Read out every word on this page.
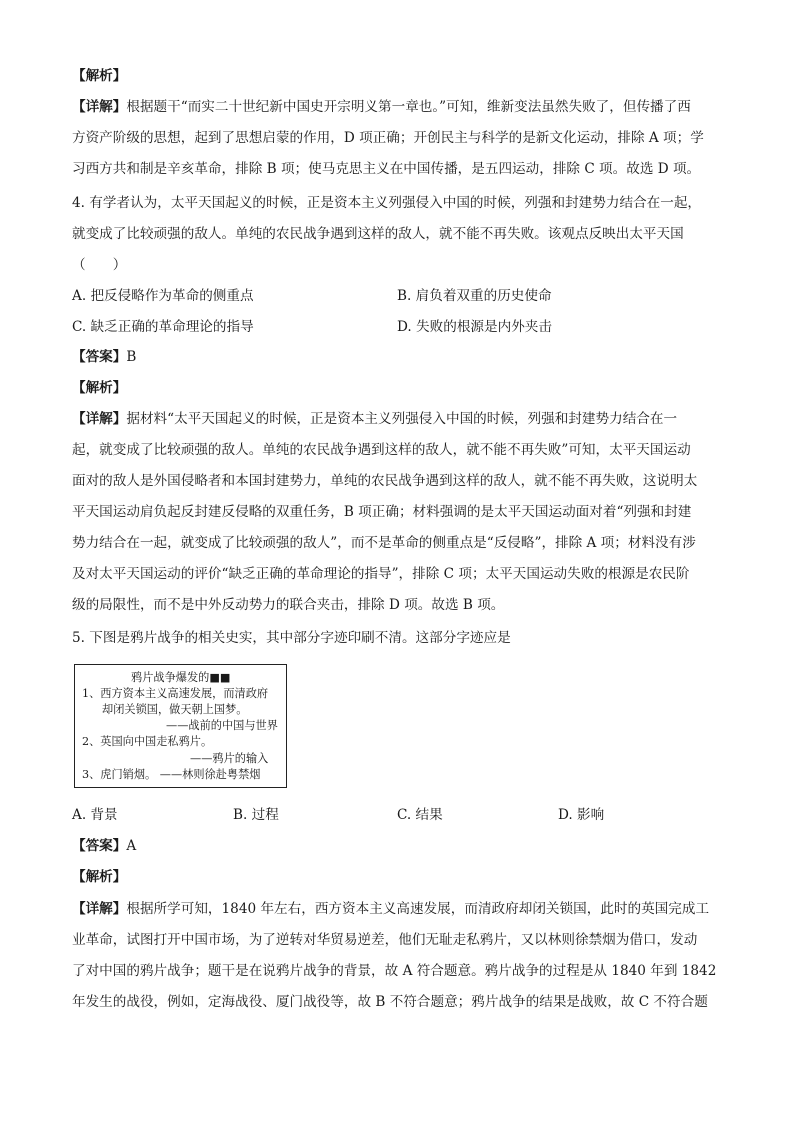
【解析】
【详解】根据题干“而实二十世纪新中国史开宗明义第一章也。”可知，维新变法虽然失败了，但传播了西
方资产阶级的思想，起到了思想启蒙的作用，D 项正确；开创民主与科学的是新文化运动，排除 A 项；学
习西方共和制是辛亥革命，排除 B 项；使马克思主义在中国传播，是五四运动，排除 C 项。故选 D 项。
4. 有学者认为，太平天国起义的时候，正是资本主义列强侵入中国的时候，列强和封建势力结合在一起，
就变成了比较顽强的敌人。单纯的农民战争遇到这样的敌人，就不能不再失败。该观点反映出太平天国
（　　）
A. 把反侵略作为革命的侧重点	B. 肩负着双重的历史使命
C. 缺乏正确的革命理论的指导	D. 失败的根源是内外夹击
【答案】B
【解析】
【详解】据材料“太平天国起义的时候，正是资本主义列强侵入中国的时候，列强和封建势力结合在一
起，就变成了比较顽强的敌人。单纯的农民战争遇到这样的敌人，就不能不再失败”可知，太平天国运动
面对的敌人是外国侵略者和本国封建势力，单纯的农民战争遇到这样的敌人，就不能不再失败，这说明太
平天国运动肩负起反封建反侵略的双重任务，B 项正确；材料强调的是太平天国运动面对着“列强和封建
势力结合在一起，就变成了比较顽强的敌人”，而不是革命的侧重点是“反侵略”，排除 A 项；材料没有涉
及对太平天国运动的评价“缺乏正确的革命理论的指导”，排除 C 项；太平天国运动失败的根源是农民阶
级的局限性，而不是中外反动势力的联合夹击，排除 D 项。故选 B 项。
5. 下图是鸦片战争的相关史实，其中部分字迹印刷不清。这部分字迹应是
鸦片战争爆发的■■
1、西方资本主义高速发展，而清政府
却闭关锁国，做天朝上国梦。
——战前的中国与世界
2、英国向中国走私鸦片。
——鸦片的输入
3、虎门销烟。 ——林则徐赴粤禁烟
A. 背景	B. 过程	C. 结果	D. 影响
【答案】A
【解析】
【详解】根据所学可知，1840 年左右，西方资本主义高速发展，而清政府却闭关锁国，此时的英国完成工
业革命，试图打开中国市场，为了逆转对华贸易逆差，他们无耻走私鸦片，又以林则徐禁烟为借口，发动
了对中国的鸦片战争；题干是在说鸦片战争的背景，故 A 符合题意。鸦片战争的过程是从 1840 年到 1842
年发生的战役，例如，定海战役、厦门战役等，故 B 不符合题意；鸦片战争的结果是战败，故 C 不符合题
